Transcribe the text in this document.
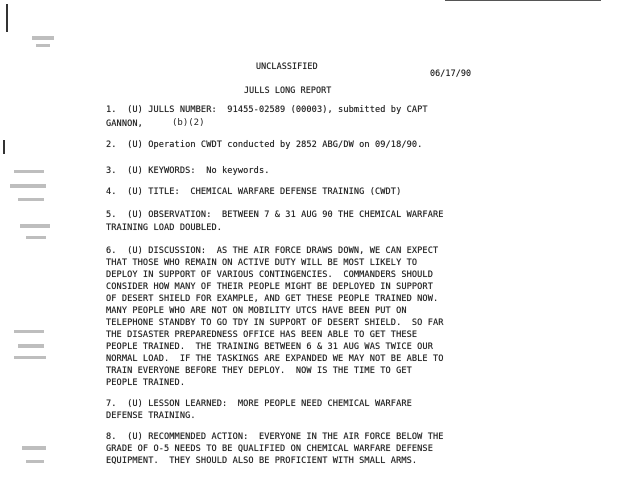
UNCLASSIFIED
06/17/90
JULLS LONG REPORT
1.  (U) JULLS NUMBER:  91455-02589 (00003), submitted by CAPT
GANNON,	(b)(2)
2.  (U) Operation CWDT conducted by 2852 ABG/DW on 09/18/90.
3.  (U) KEYWORDS:  No keywords.
4.  (U) TITLE:  CHEMICAL WARFARE DEFENSE TRAINING (CWDT)
5.  (U) OBSERVATION:  BETWEEN 7 & 31 AUG 90 THE CHEMICAL WARFARE
TRAINING LOAD DOUBLED.
6.  (U) DISCUSSION:  AS THE AIR FORCE DRAWS DOWN, WE CAN EXPECT
THAT THOSE WHO REMAIN ON ACTIVE DUTY WILL BE MOST LIKELY TO
DEPLOY IN SUPPORT OF VARIOUS CONTINGENCIES.  COMMANDERS SHOULD
CONSIDER HOW MANY OF THEIR PEOPLE MIGHT BE DEPLOYED IN SUPPORT
OF DESERT SHIELD FOR EXAMPLE, AND GET THESE PEOPLE TRAINED NOW.
MANY PEOPLE WHO ARE NOT ON MOBILITY UTCS HAVE BEEN PUT ON
TELEPHONE STANDBY TO GO TDY IN SUPPORT OF DESERT SHIELD.  SO FAR
THE DISASTER PREPAREDNESS OFFICE HAS BEEN ABLE TO GET THESE
PEOPLE TRAINED.  THE TRAINING BETWEEN 6 & 31 AUG WAS TWICE OUR
NORMAL LOAD.  IF THE TASKINGS ARE EXPANDED WE MAY NOT BE ABLE TO
TRAIN EVERYONE BEFORE THEY DEPLOY.  NOW IS THE TIME TO GET
PEOPLE TRAINED.
7.  (U) LESSON LEARNED:  MORE PEOPLE NEED CHEMICAL WARFARE
DEFENSE TRAINING.
8.  (U) RECOMMENDED ACTION:  EVERYONE IN THE AIR FORCE BELOW THE
GRADE OF O-5 NEEDS TO BE QUALIFIED ON CHEMICAL WARFARE DEFENSE
EQUIPMENT.  THEY SHOULD ALSO BE PROFICIENT WITH SMALL ARMS.
